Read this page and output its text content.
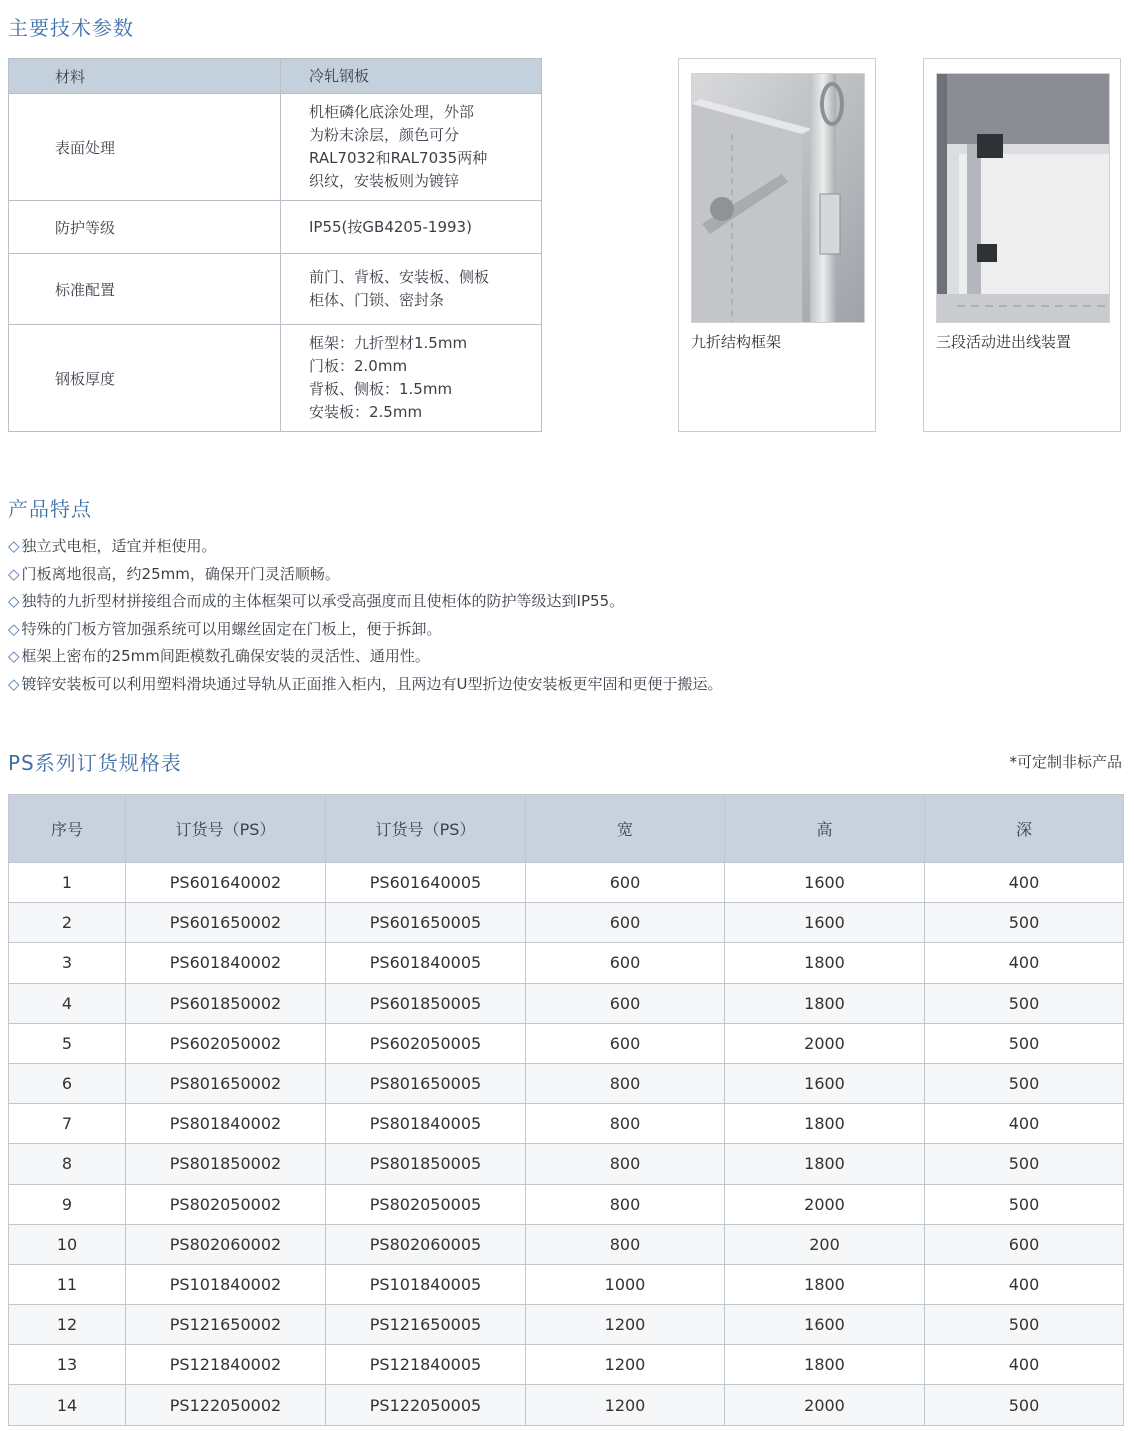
主要技术参数
材料	冷轧钢板
表面处理	机柜磷化底涂处理，外部
为粉末涂层，颜色可分
RAL7032和RAL7035两种
织纹，安装板则为镀锌

防护等级	IP55(按GB4205-1993)
标准配置	前门、背板、安装板、侧板
柜体、门锁、密封条

钢板厚度	框架：九折型材1.5mm
门板：2.0mm
背板、侧板：1.5mm
安装板：2.5mm
九折结构框架	三段活动进出线装置
产品特点
◇ 独立式电柜，适宜并柜使用。
◇ 门板离地很高，约25mm，确保开门灵活顺畅。
◇ 独特的九折型材拼接组合而成的主体框架可以承受高强度而且使柜体的防护等级达到IP55。
◇ 特殊的门板方管加强系统可以用螺丝固定在门板上，便于拆卸。
◇ 框架上密布的25mm间距模数孔确保安装的灵活性、通用性。
◇ 镀锌安装板可以利用塑料滑块通过导轨从正面推入柜内，且两边有U型折边使安装板更牢固和更便于搬运。
PS系列订货规格表	*可定制非标产品
序号	订货号（PS）	订货号（PS）	宽	高	深
1	PS601640002	PS601640005	600	1600	400
2	PS601650002	PS601650005	600	1600	500
3	PS601840002	PS601840005	600	1800	400
4	PS601850002	PS601850005	600	1800	500
5	PS602050002	PS602050005	600	2000	500
6	PS801650002	PS801650005	800	1600	500
7	PS801840002	PS801840005	800	1800	400
8	PS801850002	PS801850005	800	1800	500
9	PS802050002	PS802050005	800	2000	500
10	PS802060002	PS802060005	800	200	600
11	PS101840002	PS101840005	1000	1800	400
12	PS121650002	PS121650005	1200	1600	500
13	PS121840002	PS121840005	1200	1800	400
14	PS122050002	PS122050005	1200	2000	500
